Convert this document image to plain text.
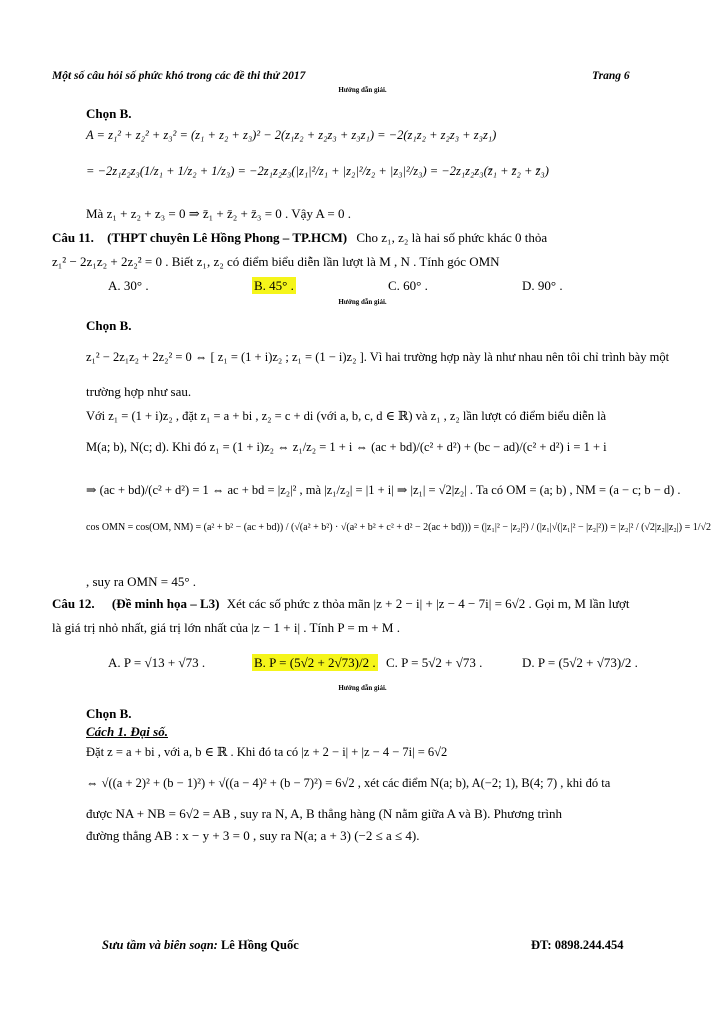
Một số câu hỏi số phức khó trong các đề thi thử 2017	Trang 6
Hướng dẫn giải.
Chọn B.
A = z₁² + z₂² + z₃² = (z₁ + z₂ + z₃)² − 2(z₁z₂ + z₂z₃ + z₃z₁) = −2(z₁z₂ + z₂z₃ + z₃z₁)
= −2z₁z₂z₃(1/z₁ + 1/z₂ + 1/z₃) = −2z₁z₂z₃(|z₁|²/z₁ + |z₂|²/z₂ + |z₃|²/z₃) = −2z₁z₂z₃(z̄₁ + z̄₂ + z̄₃)
Mà z₁ + z₂ + z₃ = 0 ⇒ z̄₁ + z̄₂ + z̄₃ = 0 . Vậy A = 0 .
Câu 11. (THPT chuyên Lê Hồng Phong – TP.HCM) Cho z₁, z₂ là hai số phức khác 0 thỏa
z₁² − 2z₁z₂ + 2z₂² = 0 . Biết z₁, z₂ có điểm biểu diễn lần lượt là M , N . Tính góc OMN
A. 30° .	B. 45° .	C. 60° .	D. 90° .
Hướng dẫn giải.
Chọn B.
z₁² − 2z₁z₂ + 2z₂² = 0 ⇔ [ z₁ = (1 + i)z₂ ; z₁ = (1 − i)z₂ ]. Vì hai trường hợp này là như nhau nên tôi chỉ trình bày một
trường hợp như sau.
Với z₁ = (1 + i)z₂ , đặt z₁ = a + bi , z₂ = c + di (với a, b, c, d ∈ ℝ) và z₁ , z₂ lần lượt có điểm biểu diễn là
M(a; b), N(c; d). Khi đó z₁ = (1 + i)z₂ ⇔ z₁/z₂ = 1 + i ⇔ (ac + bd)/(c² + d²) + (bc − ad)/(c² + d²) i = 1 + i
⇒ (ac + bd)/(c² + d²) = 1 ⇔ ac + bd = |z₂|² , mà |z₁/z₂| = |1 + i| ⇒ |z₁| = √2|z₂| . Ta có OM = (a; b) , NM = (a − c; b − d) .
cos OMN = cos(OM, NM) = (a² + b² − (ac + bd)) / (√(a² + b²) · √(a² + b² + c² + d² − 2(ac + bd))) = (|z₁|² − |z₂|²) / (|z₁|√(|z₁|² − |z₂|²)) = |z₂|² / (√2|z₂||z₂|) = 1/√2
, suy ra OMN = 45° .
Câu 12. (Đề minh họa – L3) Xét các số phức z thỏa mãn |z + 2 − i| + |z − 4 − 7i| = 6√2 . Gọi m, M lần lượt
là giá trị nhỏ nhất, giá trị lớn nhất của |z − 1 + i| . Tính P = m + M .
A. P = √13 + √73 .	B. P = (5√2 + 2√73)/2 . C. P = 5√2 + √73 .	D. P = (5√2 + √73)/2 .
Hướng dẫn giải.
Chọn B.
Cách 1. Đại số.
Đặt z = a + bi , với a, b ∈ ℝ . Khi đó ta có |z + 2 − i| + |z − 4 − 7i| = 6√2
⇔ √((a + 2)² + (b − 1)²) + √((a − 4)² + (b − 7)²) = 6√2 , xét các điểm N(a; b), A(−2; 1), B(4; 7) , khi đó ta
được NA + NB = 6√2 = AB , suy ra N, A, B thẳng hàng (N nằm giữa A và B). Phương trình
đường thẳng AB : x − y + 3 = 0 , suy ra N(a; a + 3) (−2 ≤ a ≤ 4).
Sưu tầm và biên soạn: Lê Hồng Quốc	ĐT: 0898.244.454
